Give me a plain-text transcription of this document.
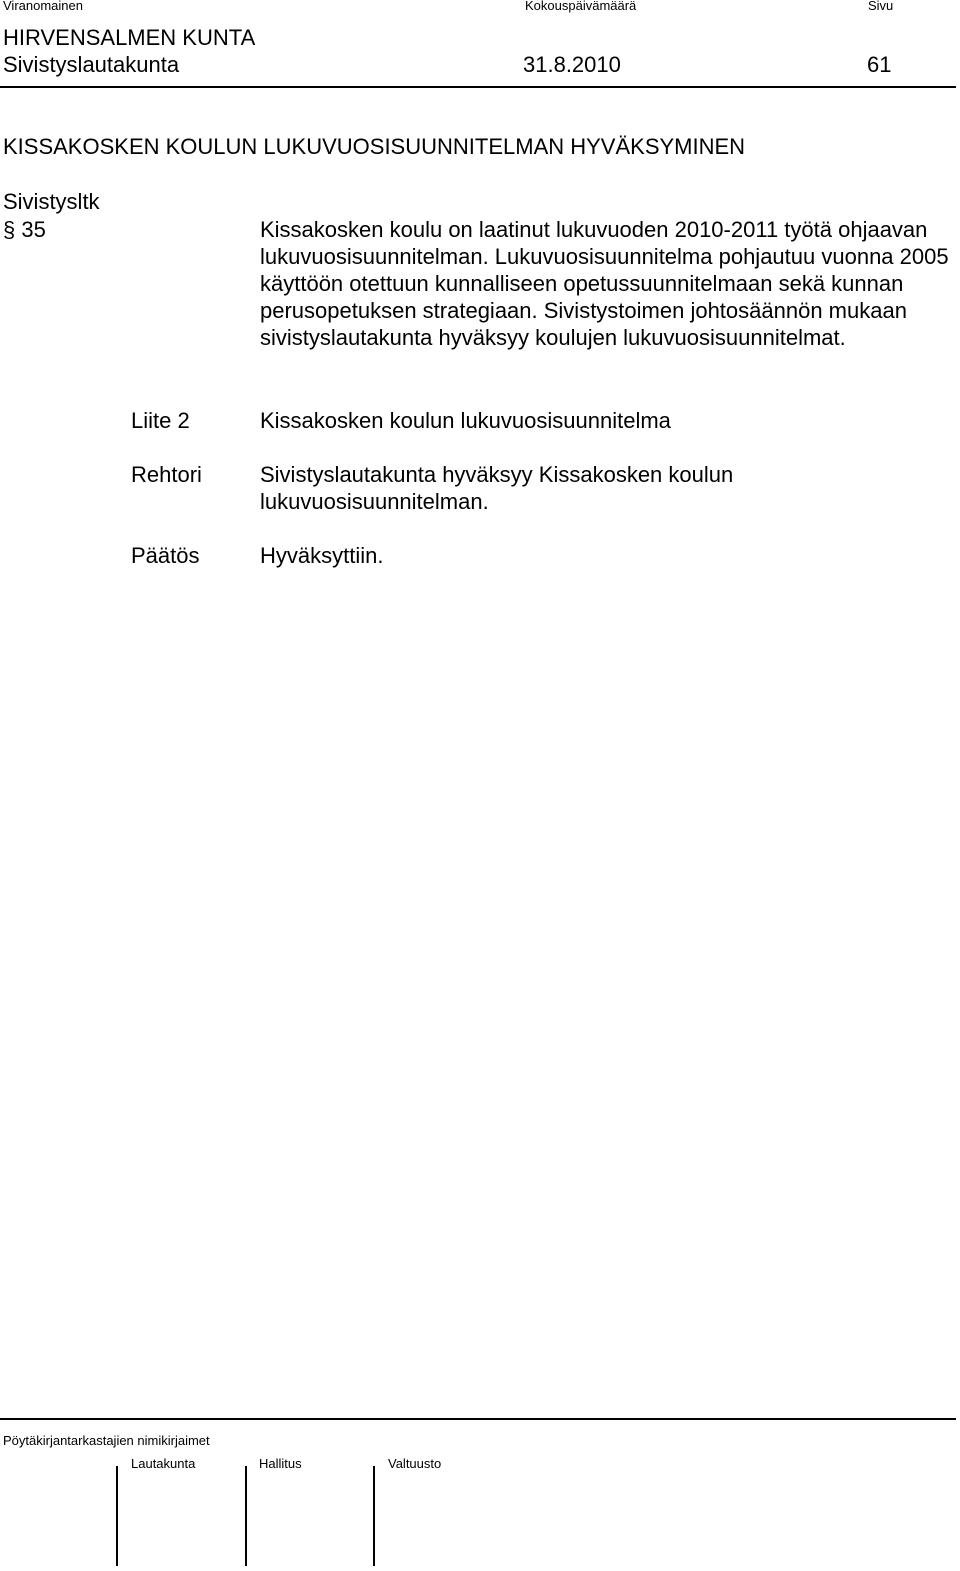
Viranomainen	Kokouspäivämäärä	Sivu
HIRVENSALMEN KUNTA
Sivistyslautakunta	31.8.2010	61
KISSAKOSKEN KOULUN LUKUVUOSISUUNNITELMAN HYVÄKSYMINEN
Sivistysltk
§ 35	Kissakosken koulu on laatinut lukuvuoden 2010-2011 työtä ohjaavan lukuvuosisuunnitelman. Lukuvuosisuunnitelma pohjautuu vuonna 2005 käyttöön otettuun kunnalliseen opetussuunnitelmaan sekä kunnan perusopetuksen strategiaan. Sivistystoimen johtosäännön mukaan sivistyslautakunta hyväksyy koulujen lukuvuosisuunnitelmat.
Liite 2	Kissakosken koulun lukuvuosisuunnitelma
Rehtori	Sivistyslautakunta hyväksyy Kissakosken koulun lukuvuosisuunnitelman.
Päätös	Hyväksyttiin.
Pöytäkirjantarkastajien nimikirjaimet
Lautakunta	Hallitus	Valtuusto
